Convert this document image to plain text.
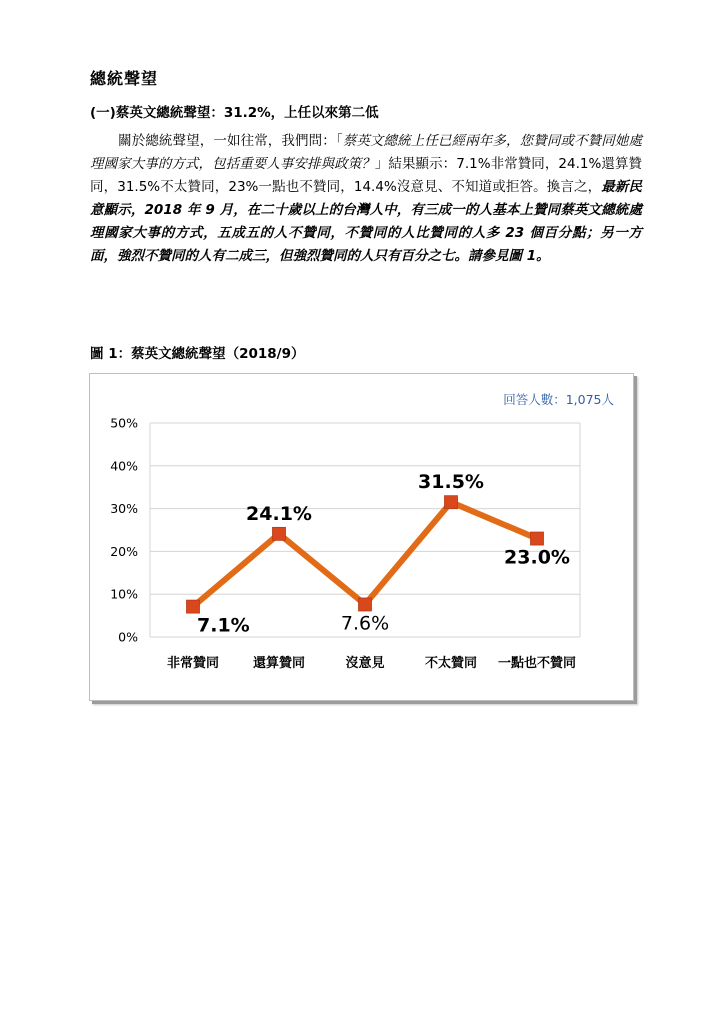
總統聲望
(一)蔡英文總統聲望：31.2%，上任以來第二低
關於總統聲望，一如往常，我們問：「蔡英文總統上任已經兩年多，您贊同或不贊同她處理國家大事的方式，包括重要人事安排與政策？」結果顯示：7.1%非常贊同，24.1%還算贊同，31.5%不太贊同，23%一點也不贊同，14.4%沒意見、不知道或拒答。換言之，最新民意顯示，2018 年 9 月，在二十歲以上的台灣人中，有三成一的人基本上贊同蔡英文總統處理國家大事的方式，五成五的人不贊同，不贊同的人比贊同的人多 23 個百分點；另一方面，強烈不贊同的人有二成三，但強烈贊同的人只有百分之七。請參見圖 1。
圖 1：蔡英文總統聲望（2018/9）
回答人數：1,075人
0%
10%
20%
30%
40%
50%
非常贊同	還算贊同	沒意見	不太贊同 一點也不贊同
7.1%
24.1%
7.6%
31.5%
23.0%
